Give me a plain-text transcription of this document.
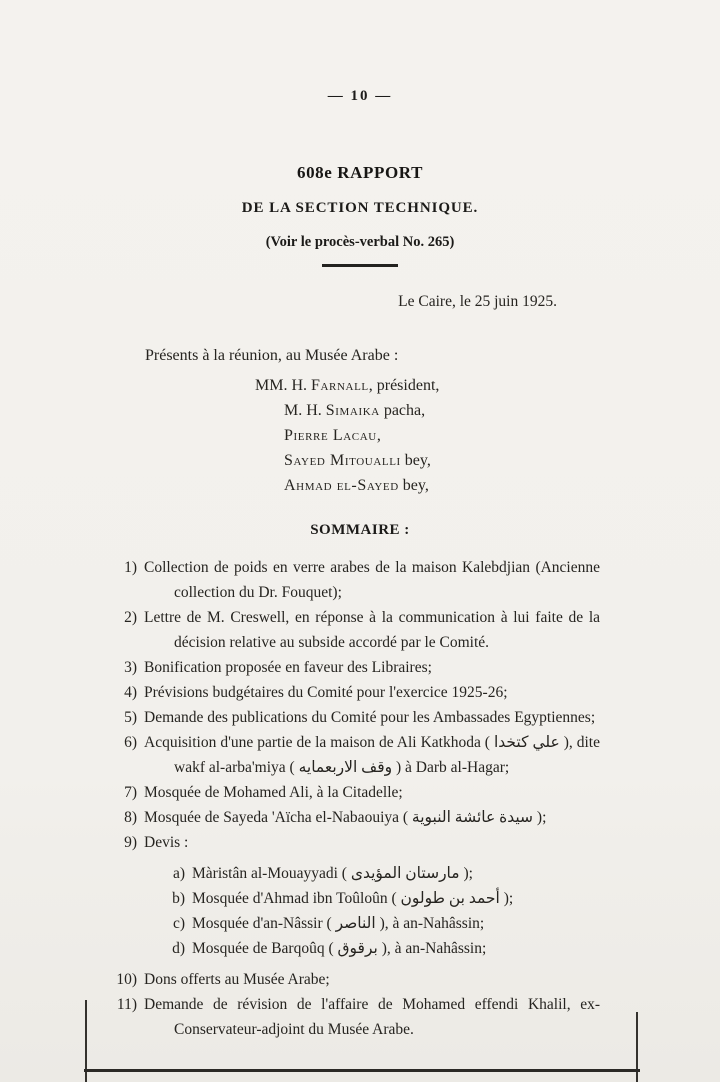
— 10 —
608e RAPPORT
DE LA SECTION TECHNIQUE.
(Voir le procès-verbal No. 265)
Le Caire, le 25 juin 1925.
Présents à la réunion, au Musée Arabe :
MM. H. Farnall, président,
M. H. Simaika pacha,
Pierre Lacau,
Sayed Mitoualli bey,
Ahmad el-Sayed bey,
SOMMAIRE :
1) Collection de poids en verre arabes de la maison Kalebdjian (Ancienne collection du Dr. Fouquet);
2) Lettre de M. Creswell, en réponse à la communication à lui faite de la décision relative au subside accordé par le Comité.
3) Bonification proposée en faveur des Libraires;
4) Prévisions budgétaires du Comité pour l'exercice 1925-26;
5) Demande des publications du Comité pour les Ambassades Egyptiennes;
6) Acquisition d'une partie de la maison de Ali Katkhoda ( علي كتخدا ), dite wakf al-arba'miya ( وقف الاربعمايه ) à Darb al-Hagar;
7) Mosquée de Mohamed Ali, à la Citadelle;
8) Mosquée de Sayeda 'Aïcha el-Nabaouiya ( سيدة عائشة النبوية );
9) Devis :
a) Màristân al-Mouayyadi ( مارستان المؤيدى );
b) Mosquée d'Ahmad ibn Toûloûn ( أحمد بن طولون );
c) Mosquée d'an-Nâssir ( الناصر ), à an-Nahâssin;
d) Mosquée de Barqoûq ( برقوق ), à an-Nahâssin;
10) Dons offerts au Musée Arabe;
11) Demande de révision de l'affaire de Mohamed effendi Khalil, ex-Conservateur-adjoint du Musée Arabe.
